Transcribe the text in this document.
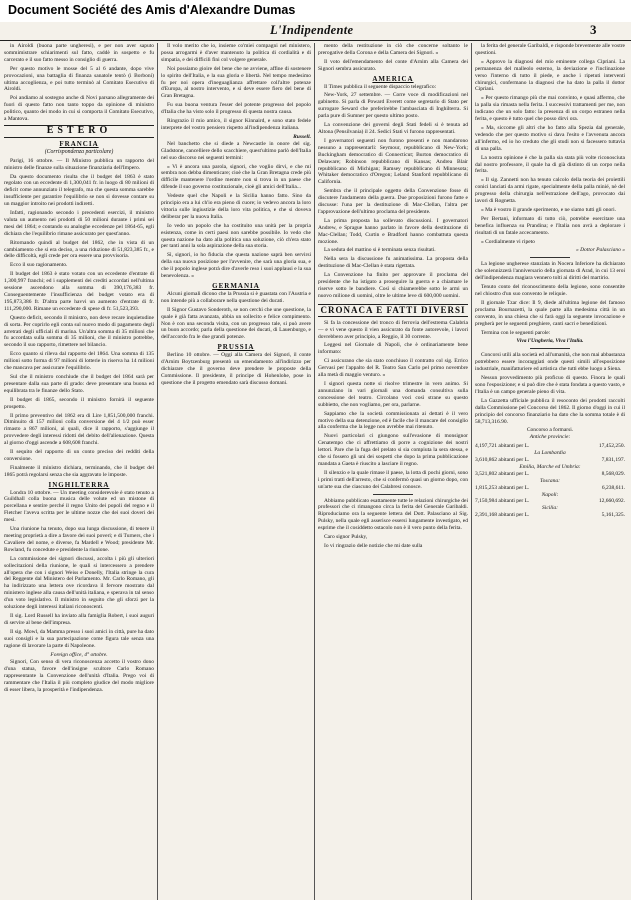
Document Société des Amis d'Alexandre Dumas
L'Indipendente	3

in Airoldi (buona parte ungheresi), e per non aver saputo sommimistrare schiarimenti sul fatto, caddè in sospetto e fu carcerato e il suo fatto messo in consiglio di guerra.

Per questo motivo le mosse del 5 al 6 andante, dopo vive provocazioni, una battaglia di finanza sanatole tentò (i Borboni) ultima accoglienza, e poi tutto terminò al Comitato Esecutivo di Airoldi.

Poi andiamo al sostegno anche di Novi parsano allegramente dei fuori di questo fatto non tanto toppo da opinione di ministro politico, quanto dei modo in cui si comporta il Comitato Esecutivo, a Mantova.

ESTERO
FRANCIA
(Corrispondenza particolare)

Parigi, 16 ottobre. — Il Ministro pubblica un rapporto del ministro delle finanze sulla situazione finanziaria dell'Impero.

Da questo documento risulta che il budget del 1863 è stato regolato con un eccedente di 1,300,041 fr. in luogo di 80 milioni di deficit come annunziato il telegrafo, ma che questa somma sarebbe insufficiente per garantire l'equilibrio se non si dovesse contare su un maggior introito nei prodotti indiretti.

Infatti, ragionando secondo i precedenti esercizi, il ministro valuta un aumento nei prodotti di 50 milioni durante i primi sei mesi del 1864; e contando su analoghe eccedenze pel 1864-65, egli dichiara che l'equilibrio rimane assicurato per quest'anno.

Ritornando quindi al budget del 1862, che in vista di un cambiamento che si era deciso, a una riduzione di 51,823,385 fr., e delle difficoltà, egli crede per ora essere una provvisoria.

Ecco il suo ragionamento.

Il budget del 1863 è stato votato con un eccedente d'entrate di 1,300,997 franchi; ed i supplementi dei crediti accordati nell'ultima sessione ascendono alla somma di 390,176,383 fr. Conseguentemente l'insufficienza del budget votato era di 195,873,386 fr. D'altra parte havvi un aumento d'entrate di fr. 111,290,000. Rimane un eccedente di spese di fr. 51,523,393.

Questo deficit, secondo il ministro, non deve recare inquietudine di sorta. Per coprirlo egli conta sul nuovo modo di pagamento degli arretrati degli ufficiali di marina. Un'altra somma di 35 milioni che fu accordata sulla somma di 35 milioni, che il ministro potrebbe, secondo il suo rapporto, rimettere nel bilancio.

Ecco quanto si rileva dal rapporto del 1864. Una somma di 135 milioni sotto forma di 97 milioni di lotterie in riserva ha 14 milioni che mancava per assicurare l'equilibrio.

Sul che il ministro conchiude che il budget del 1864 sarà per presentare dalla sua parte di grado: deve presentare una buona ed equilibrata tra le finanze dello Stato.

Il budget di 1865, secondo il ministro fornirà il seguente prospetto.

Il primo preventivo del 1862 era di Lire 1,851,500,000 franchi. Diminuito di 157 milioni colla conversione del 4 1/2 può esser rimasto a 867 milioni, ai quali, dice il rapporto, s'aggiunge il provvedere degli interessi ridotti del debito dell'alienazione. Questa al giorno d'oggi ascende a 608,608 franchi.

Il sequito del rapporto di un conto preciso dei redditi della conversione.

Finalmente il ministro dichiara, terminando, che il budget del 1865 potrà regolarsi senza che sia aggravato le imposte.

INGHILTERRA

Londra 10 ottobre. — Un meeting considerevole è stato tenuto a Guildhall colla buona musica delle volute ed un mistone di porcellana e sentire perché il regno Unito dei popoli del regno e il Fletcher l'aveva scritta per le ultime nozze che dei suoi doveri dei mesi.

Una riunione ha tenuto, dopo sua lunga discussione, di tenere il meeting proprietà a dire a favore dei suoi poveri; e di Turners, che i Cavaliere del nome, e diverse, fa Mardell e Wood; presidente Mr. Rowland, fu concedute e presidente la riunione.

La commissione dei signori discussi, accolta i più gli ulteriori sollecitazioni della riunione, le quali si intercessero a prendere all'opera che con i signori Weiss e Donelly, l'Italia stringe la cura del Reggente dal Ministero del Parlamento. Mr. Carlo Romano, gli ha indirizzato una lettera ove ricordava il fervore mostrato dal ministero inglese alla causa dell'unità italiana, e sperava in tal senso d'un voto legislativo. Il ministro in seguito che gli sforzi per la soluzione degli interessi italiani riconoscenti.

Il sig. Lord Russell ha inviato alla famiglia Robert, i suoi auguri di servire al bene dell'impresa.

Il sig. Mowl, da Mamma presso i suoi amici in città, pure ha dato suoi consigli e la sua partecipazione come figura tale senza una ragione di lavorare la parte di Napoleone.

Foreign office, 4° ottobre.

Signori, Con senso di vera riconoscenza accetto il vostro dono d'una statua, favore dell'insigne scultore Carlo Romano rappresentante la Convenzione dell'unità d'Italia. Prego voi di rammentare che l'Italia il più completo giudice del modo migliore di esser libera, la prosperità e l'indipendenza.

Il volo merito che io, insieme co'miei compagni nel ministero, possa arrogarmi è d'aver mantenuto la politica di cordialità e di simpatia, e dei difficili fini col volgere generale.

Noi possiamo gioire del bene che ne avviene, affine di sostenere lo spirito dell'Italia, e la sua gloria e libertà. Nel tempo medesimo fu per noi opera d'ineguaglianza affrettare coll'altre potenze d'Europa, al nostro intervento, e si deve essere fiero del bene di Gran Bretagna.

Fu sua buona ventura l'esser del potente progresso del popolo d'Italia che ha visto solo il progresso di questa nostra causa.

Ringrazio il mio amico, il signor Kinnaird, e sono stato fedele interprete del vostro pensiero rispetto all'indipendenza italiana.

Russell.

Nel banchetto che si diede a Newcastle in onore del sig. Gladstone, cancelliere dello scacchiere, quest'ultimo parlò dell'Italia nel suo discorso nei seguenti termini:

« Vi è ancora una parola, signori, che voglio dirvi, e che mi sembra non debba dimenticare; cioè che la Gran Bretagna crede più difficile mantenere l'ordine mentre non si trova in un paese che difende il suo governo costituzionale, cioè gli amici dell'Italia...

Vedeste quel che Napoli e la Sicilia hanno fatto. Sino da principio era a lui ch'io era pieno di cuore; io vedevo ancora la loro vittoria sulle ingiustizie della loro vita politica, e che si doveva deliberar per la nuova Italia.

Io vedo un popolo che ha costituito una unità per la propria esistenza, come in certi paesi non sarebbe possibile. Io vedo che questa nazione ha dato alla politica una soluzione, ciò ch'era stato per tanti anni la sola aspirazione della sua storia.

Sì, signori, io ho fiducia che questa nazione saprà ben servirsi della sua nuova posizione per l'avvenire, che sarà una gloria sua, e che il popolo inglese potrà dire d'averle reso i suoi applausi e la sua benevolenza. »

GERMANIA

Alcuni giornali dicono che la Prussia si è guastata con l'Austria e non intende più a collaborare nella questione dei ducati.

Il Signor Gustavo Sonderoth, se non cerchi che une questione, la quale è già fatta avanzata, abbia un sollecito e felice compimento. Non è con una seconda visita, con un progresso tale, si può avere un buon accordo; parla della questione dei ducati, di Lauenburgo, e dell'accordo fra le due grandi potenze.

PRUSSIA

Berlino 10 ottobre. — Oggi alla Camera dei Signori, il conte d'Arnim Boytzenburg presentò un emendamento all'indirizzo per dichiarare che il governo deve prendere le proposte della Commissione. Il presidente, il principe di Hohenlohe, pose in questione che il progetto emendato sarà discusso domani.

mento della restituzione in ciò che concerne soltanto le prerogative della Corona e della Camera dei Signori. »

Il voto dell'emendamento del conte d'Arnim alla Camera dei Signori sembra assicurato.

AMERICA

Il Times pubblica il seguente dispaccio telegrafico:

New-York, 27 settembre. — Corre voce di modificazioni nel gabinetto. Si parla di Poward Everett come segretario di Stato per surrogare Seward che preferirebbe l'ambasciata di Inghilterra. Si parla pure di Sumner per questo ultimo posto.

La convenzione dei governi degli Stati fedeli si è tenuta ad Altona (Pensilvania) il 24. Sedici Stati vi furono rappresentati.

I governatori seguenti non furono presenti e non mandarono nessuno a rappresentarli: Seymour, repubblicano di New-York; Buckingham democratico di Connecticut; Burton democratico di Delaware; Robinson repubblicano di Kansas; Andrea Blair repubblicano di Michigan; Ramsey repubblicano di Minnesota; Whitaker democratico d'Oregon; Leland Stanford repubblicano di California.

Sembra che il principale oggetto della Convenzione fosse di discutere l'andamento della guerra. Due proposizioni furono fatte e discusse: l'una per la destituzione di Mac-Clellan, l'altra per l'approvazione dell'ultimo proclama del presidente.

La prima proposta ha sollevato discussioni. I governatori Andrew, e Sprague hanno parlato in favore della destituzione di Mac-Clellan; Todd, Curtin e Bradford hanno combattuta questa mozione.

La seduta del mattino si è terminata senza risultati.

Nella sera la discussione fu animatissima. La proposta della destituzione di Mac-Clellan è stata rigettata.

La Convenzione ha finito per approvare il proclama del presidente che ha istigato a proseguire la guerra e a chiamare le riserve sotto le bandiere. Così si chiamerebbe sotto le armi un nuovo milione di uomini, oltre le ultime leve di 600,000 uomini.

CRONACA E FATTI DIVERSI

Si fa la concessione del tronco di ferrovia dell'estrema Calabria — e vi vene questo il vien assicurato da fonte autorevole, i lavori dovrebbero aver principio, a Reggio, il 30 corrente.

Leggesi nel Giornale di Napoli, che è ordinariamente bene informato:

Ci assicurano che sia stato conchiuso il contratto col sig. Errico Gervasi per l'appalto del R. Teatro San Carlo pel primo novembre alla metà di maggio venturo. »

I signori questa notte si risolve trimestre in vero animo. Si annunziano in vari giornali una domanda consultiva sulla concessione del teatro. Circolano voci così strane su questo subbietto, che non vogliamo, per ora, parlarne.

Sappiamo che la società commissionata ai dettati è il vero motivo della sua detenzione, ed è facile che il mancare del consiglio alla conferma che la legge non avrebbe mai ritenuto.

Nuovi particolari ci giungono sull'evasione di monsignor Cenatempo che ci affrettiamo di porre a cognizione dei nostri lettori. Pare che la fuga del prelato si sia compiuta la sera stessa, e che si fossero gli uni dei sospetti che dopo la prima pubblicazione mandata a Gaeta è riuscito a lasciare il regno.

Il silenzio e la quale rimase il paese, la lotta di pochi giorni, sono i primi tratti dell'arresto, che si confermò quasi un giorno dopo, con un'arte sua che ciascuno dei Calabresi conosce.

Abbiamo pubblicato esattamente tutte le relazioni chirurgiche dei professori che ci rimangono circa la ferita del Generale Garibaldi. Riproduciamo ora la seguente lettera del Dott. Palasciano al Sig. Pulsky, nella quale egli asserisce essersi lungamente investigato, ed esprime che il cosiddetto ostacolo non è il vero punto della ferita.

Caro signor Pulsky,

Io vi ringrazio delle notizie che mi date sulla

la ferita del generale Garibaldi, e risponde brevemente alle vostre questioni.

« Approvo la diagnosi del mio eminente collega Cipriani. La permanenza del malleolo esterno, la deviazione e l'inclinazione verso l'interno di tutto il piede, e anche i ripetuti interventi chirurgici, confermano la diagnosi che ha dato la palla il dottor Cipriani.

« Per questo rimango più che mai convinto, e quasi affermo, che la palla sia rimasta nella ferita. I successivi trattamenti per me, non indicano che un solo fatto: la presenza di un corpo estraneo nella ferita, e questo è tutto quel che posso dirvi ora.

« Ma, siccome gli altri che ho fatto alla Spezia dal generale, vedendo che per questo motivo si dava l'esito e l'avvenuta ancora all'infermo, ed io ho creduto che gli studi non si facessero tuttavia di una palla.

La nostra opinione è che la palla sia stata più volte riconosciuta dal nostro professore, il quale ha di già distinto di un corpo nella ferita.

« Il sig. Zannetti non ha tenuto calcolo della teoria dei proiettili conici lanciati da armi rigate, specialmente della palla minié, nè del progresso della chirurgia nell'estrazione dell'ago, provocato dai lavori di Rognetta.

« Ma è vostro il grande sperimento, e ne siamo tutti gli onori.

Per Bertani, informato di tutto ciò, potrebbe esercitare una benefica influenza su Prandina; e l'Italia non avrà a deplorare i risultati di un fatale accecamento.

« Cordialmente vi ripeto

« Dottor Palasciano »

La legione ungherese stanziata in Nocera Inferiore ha dichiarato che solennizzerà l'anniversario della giornata di Arad, in cui 13 eroi dell'indipendenza magiara vennero tolti ai diritti del martirio.

Tenuto conto del riconoscimento della legione, sono consentite nel chiostro d'un suo convento le reliquie.

Il giornale Tzar dice: Il 9, diede all'ultima legione del famoso proclama Bournazetti, la quale parte alla medesima città in un convento, in una chiesa che si farà oggi la seguente invocazione e pregherà per le seguenti preghiere, canti sacri e benedizioni.

Termina con le seguenti parole:

Viva l'Ungheria, Viva l'Italia.

Concorsi utili alla società ed all'umanità, che non mai abbastanza potrebbero essere incoraggiati onde questi simili all'esposizione industriale, manifatturiere ed artistica che tutti ebbe luogo a Siena.

Nessun provvedimento più proficuo di questo. Finora le quali sono l'esposizione; e si può dire che è stata fondata a questo vasto, e l'Italia è un campo generale pieno di vita.

La Gazzetta ufficiale pubblica il resoconto dei prodotti raccolti dalla Commissione pel Concorso del 1862. Il giorno d'oggi in cui il principio del concorso finanziario ha dato che la somma totale è di 58,713,316.90.

Concorso a formarsi.
Antiche provincie:
4,197,721 abitanti per L.	17,452,250.
La Lombardia
3,610,862 abitanti per L.	7,831,197.
Emilia, Marche ed Umbria:
3,521,802 abitanti per L.	8,568,029.
Toscana:
1,815,253 abitanti per L.	6,238,611.
Napoli:
7,150,984 abitanti per L.	12,660,692.
Sicilia:
2,391,168 abitanti per L.	5,161,325.
